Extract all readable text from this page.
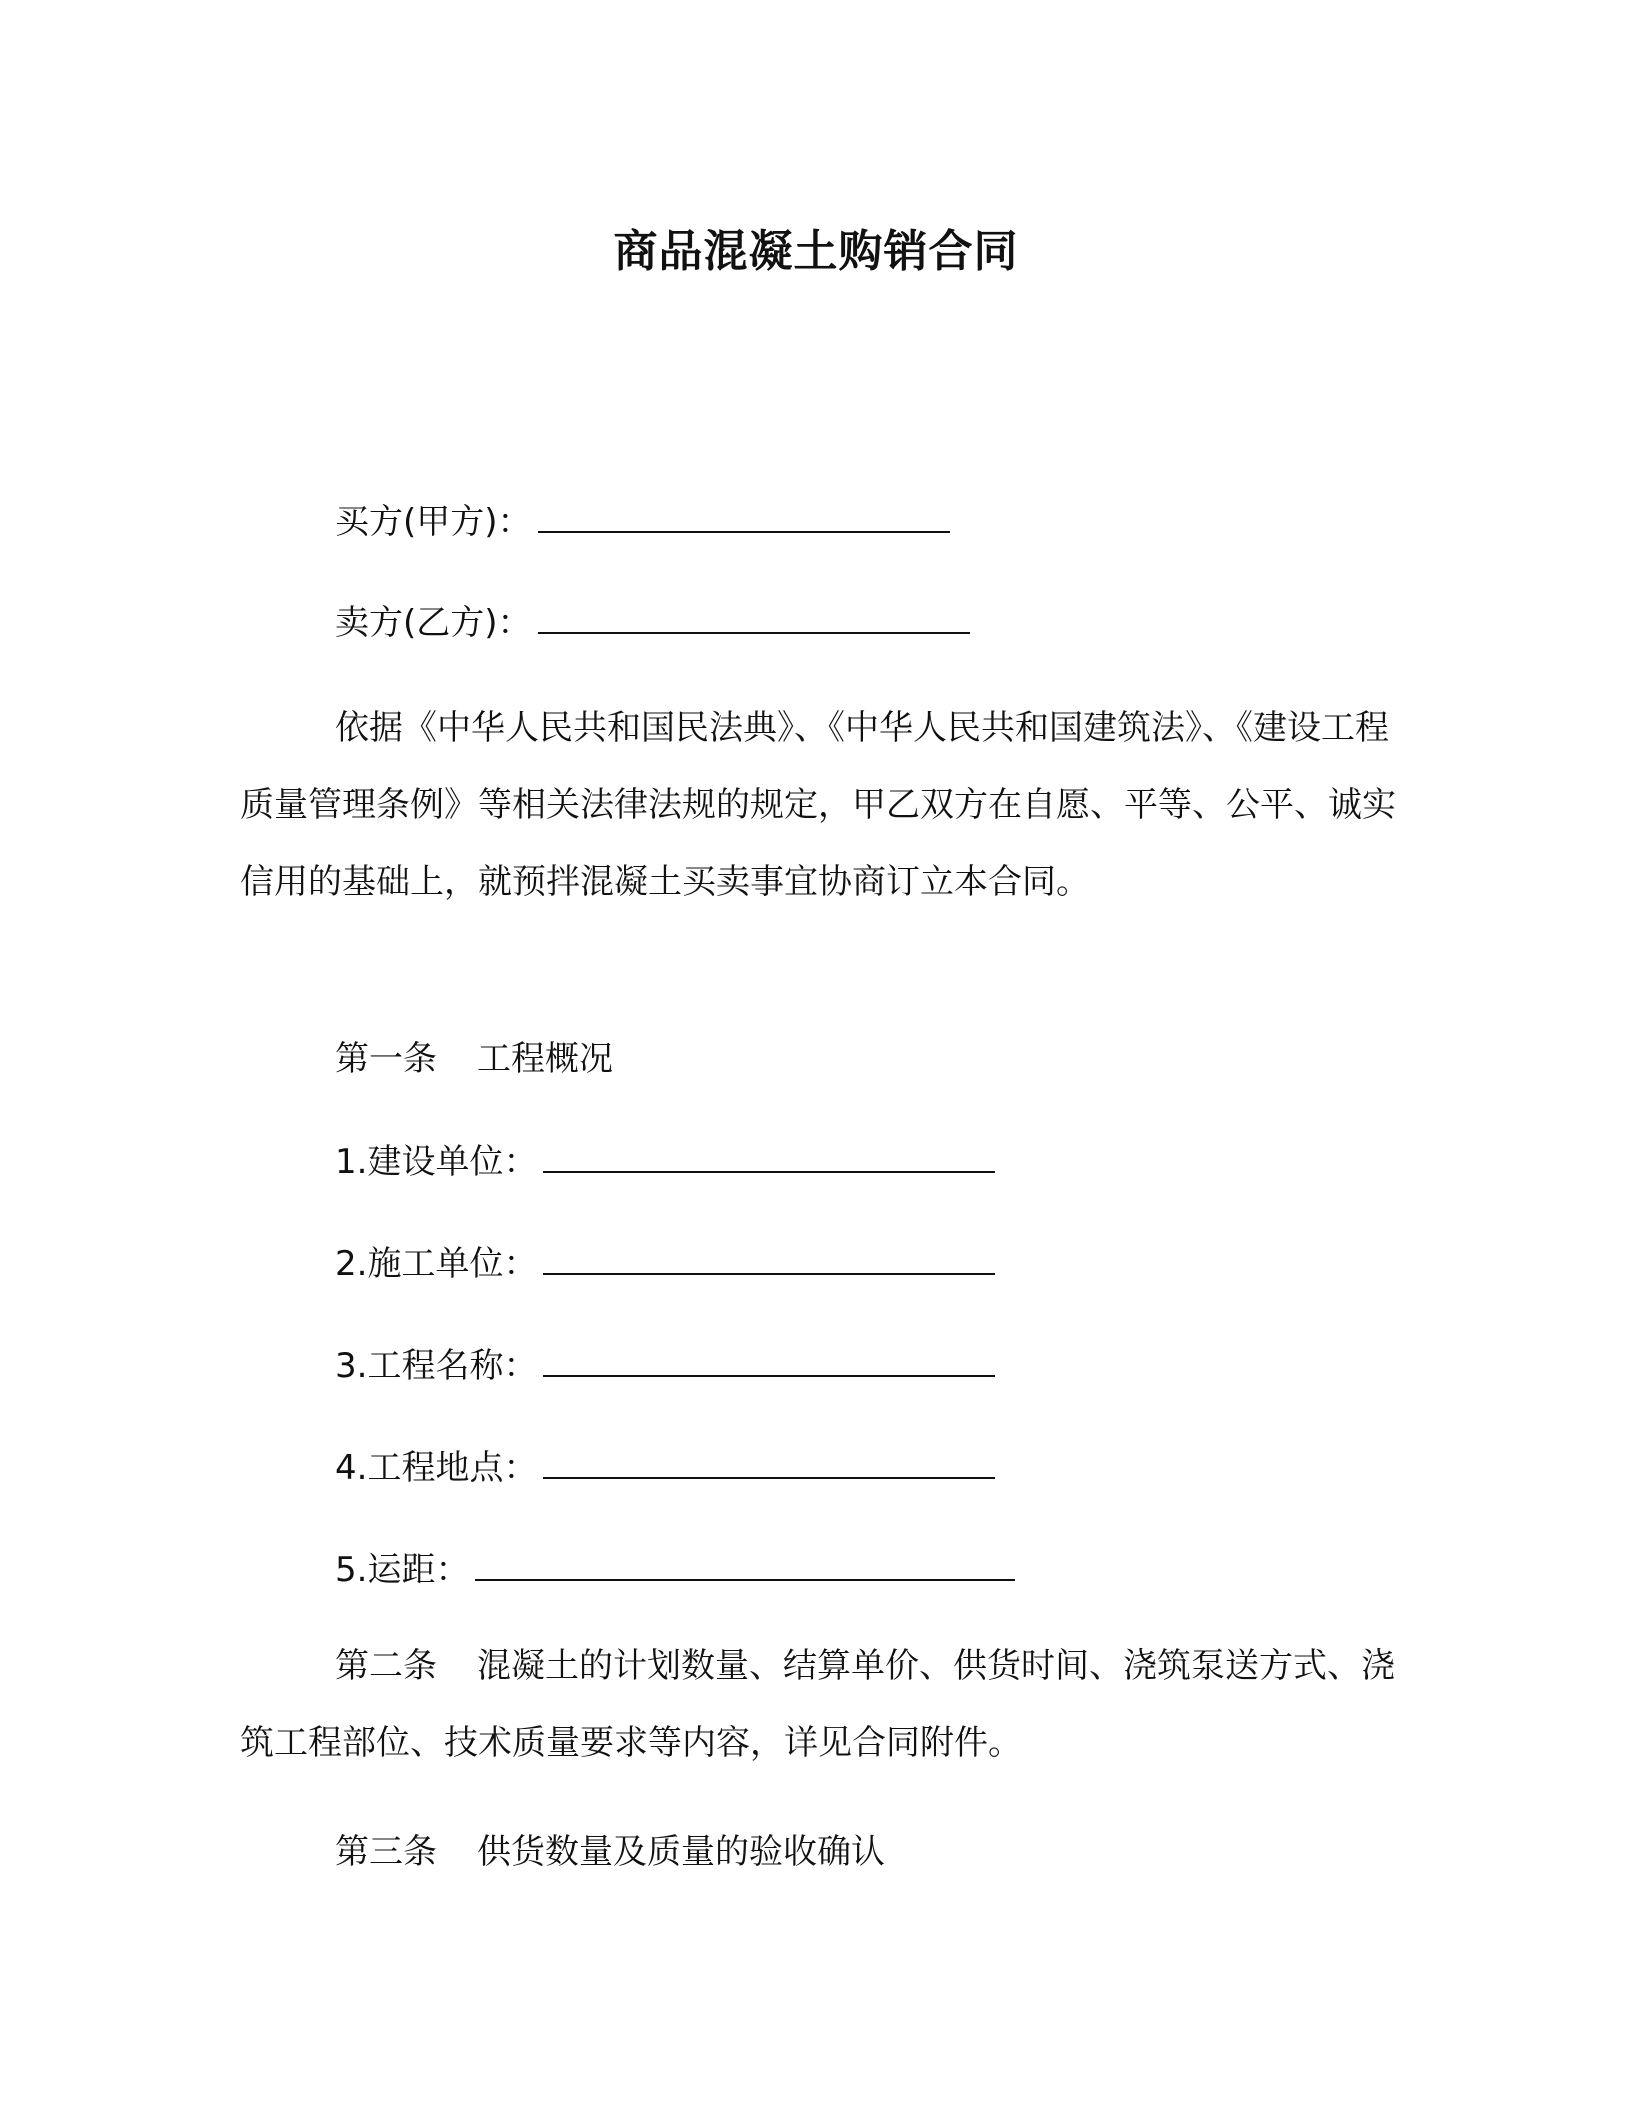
商品混凝土购销合同
买方(甲方)：
卖方(乙方)：
依据《中华人民共和国民法典》、《中华人民共和国建筑法》、《建设工程质量管理条例》等相关法律法规的规定，甲乙双方在自愿、平等、公平、诚实信用的基础上，就预拌混凝土买卖事宜协商订立本合同。
第一条 工程概况
1.建设单位：
2.施工单位：
3.工程名称：
4.工程地点：
5.运距：
第二条 混凝土的计划数量、结算单价、供货时间、浇筑泵送方式、浇筑工程部位、技术质量要求等内容，详见合同附件。
第三条 供货数量及质量的验收确认
